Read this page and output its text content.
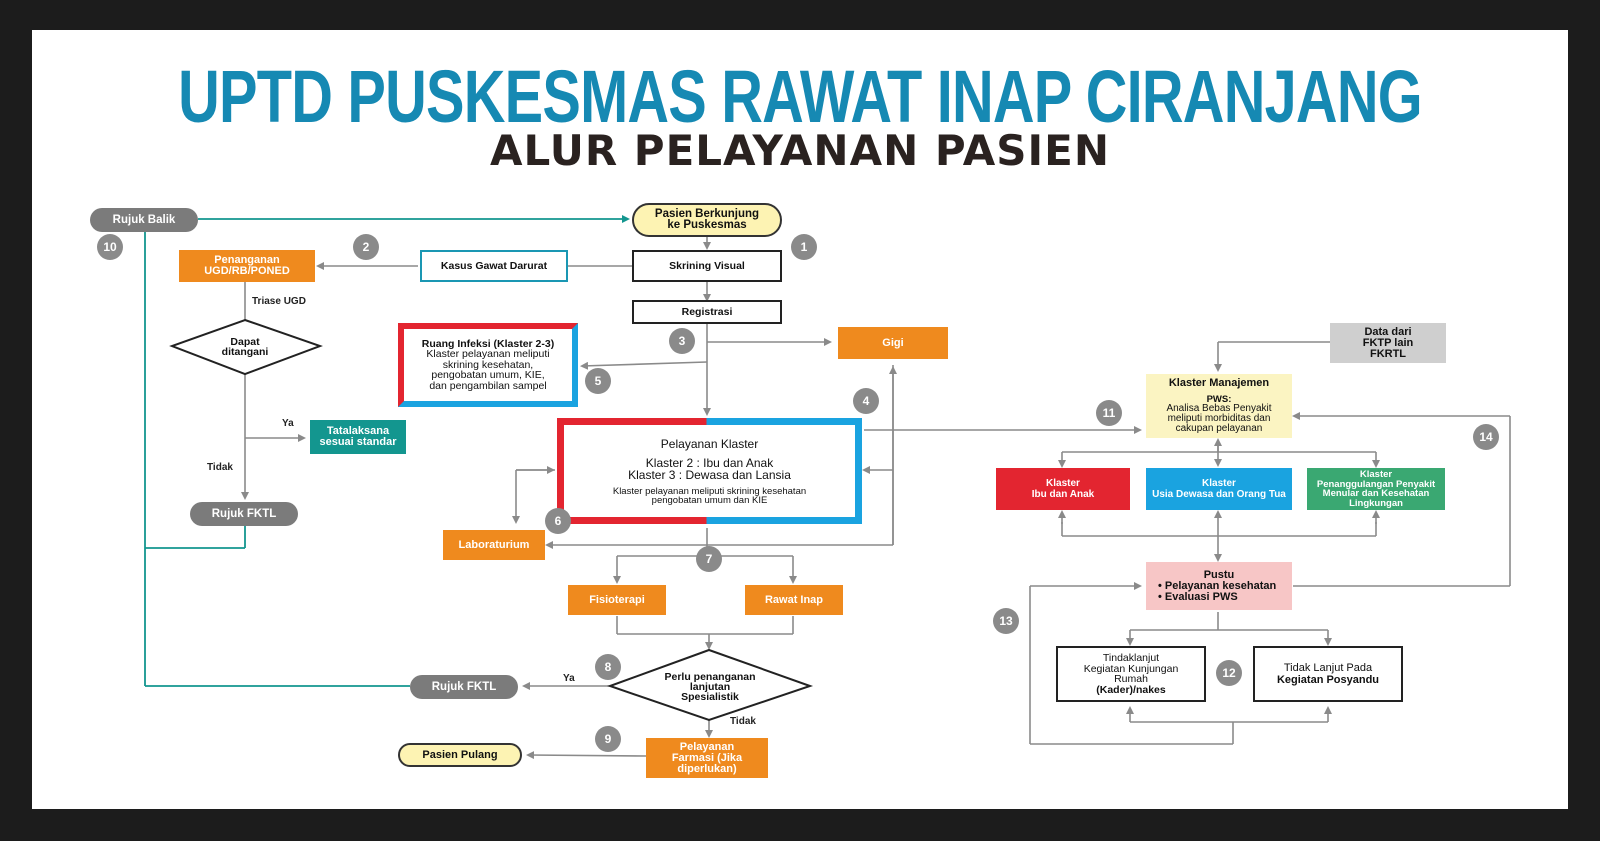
UPTD PUSKESMAS RAWAT INAP CIRANJANG
ALUR PELAYANAN PASIEN
Rujuk Balik	Pasien Berkunjung
ke Puskesmas
Penanganan
UGD/RB/PONED	Kasus Gawat Darurat	Skrining Visual
Registrasi
Triase UGD
Dapat
ditangani
Ruang Infeksi (Klaster 2-3)
Klaster pelayanan meliputi
skrining kesehatan,
pengobatan umum, KIE,
dan pengambilan sampel
Gigi
Ya
Tatalaksana
sesuai standar
Tidak
Rujuk FKTL
Pelayanan Klaster
Klaster 2 : Ibu dan Anak
Klaster 3 : Dewasa dan Lansia
Klaster pelayanan meliputi skrining kesehatan
pengobatan umum dan KIE
Laboraturium
Fisioterapi	Rawat Inap
Perlu penanganan
lanjutan
Spesialistik
Ya
Rujuk FKTL
Tidak
Pelayanan
Farmasi (Jika
diperlukan)
Pasien Pulang
Data dari
FKTP lain
FKRTL
Klaster Manajemen
PWS:
Analisa Bebas Penyakit
meliputi morbiditas dan
cakupan pelayanan
Klaster
Ibu dan Anak
Klaster
Usia Dewasa dan Orang Tua
Klaster
Penanggulangan Penyakit
Menular dan Kesehatan
Lingkungan
Pustu
• Pelayanan kesehatan
• Evaluasi PWS
Tindaklanjut
Kegiatan Kunjungan
Rumah
(Kader)/nakes
Tidak Lanjut Pada
Kegiatan Posyandu
1
2
3
4
5
6
7
8
9
10
11
12
13
14
